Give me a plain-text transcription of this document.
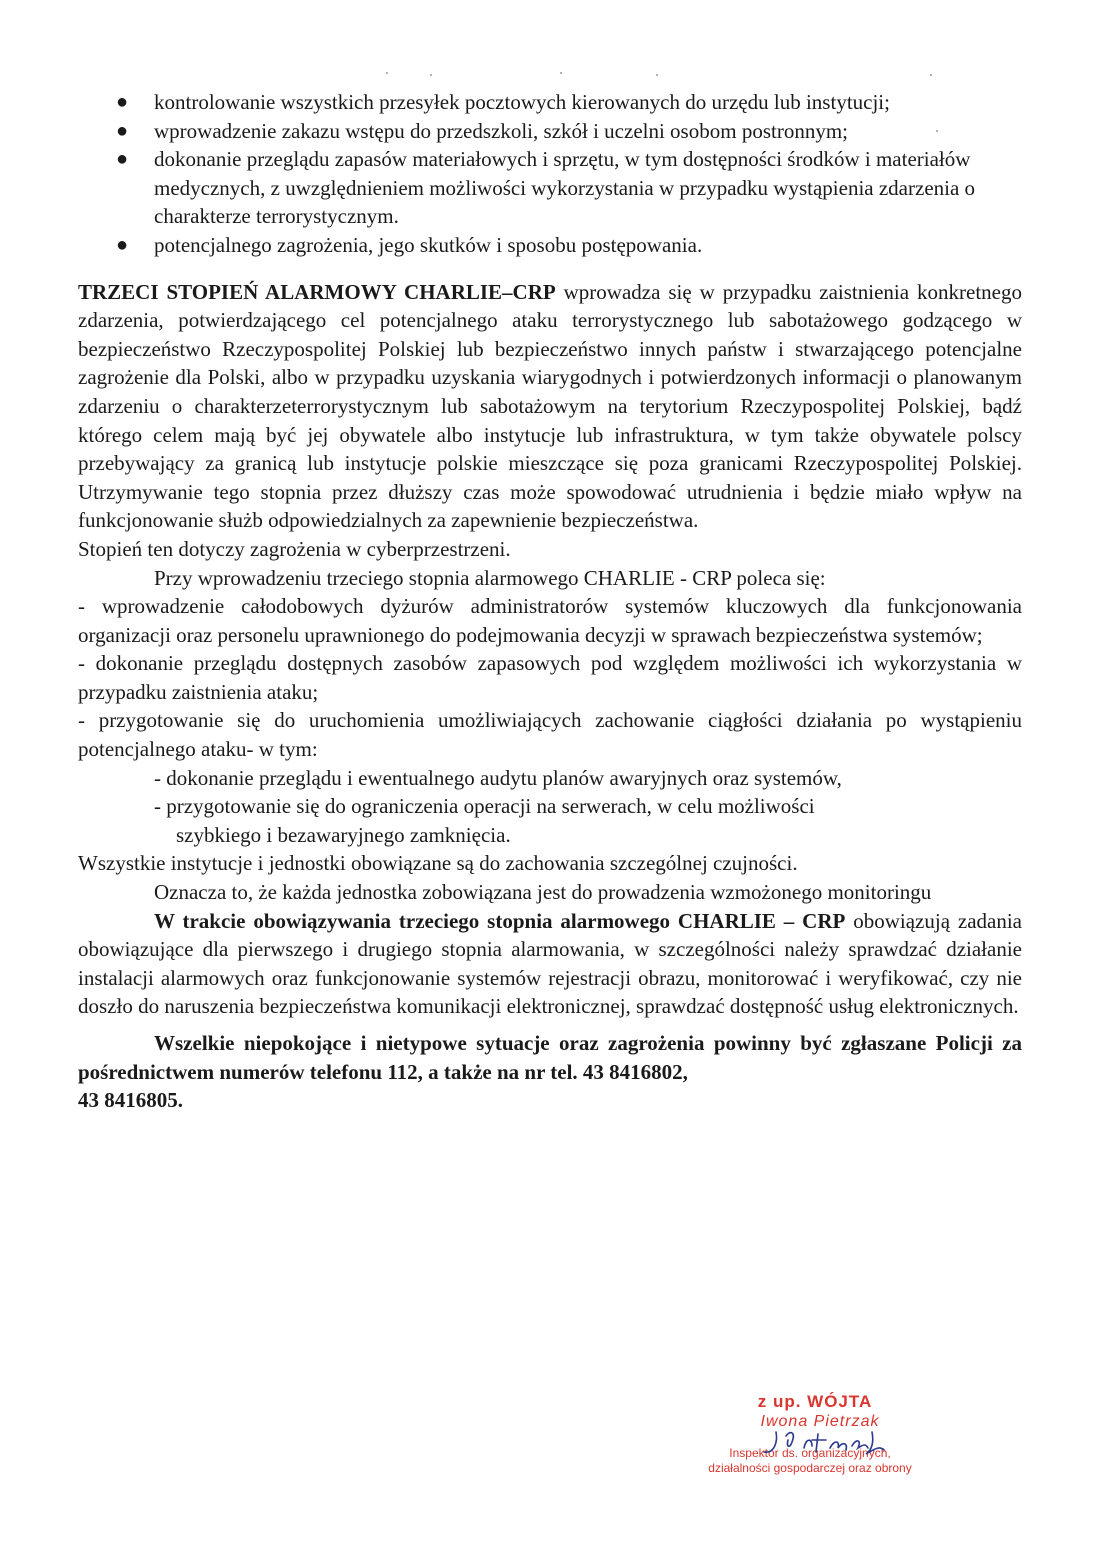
● kontrolowanie wszystkich przesyłek pocztowych kierowanych do urzędu lub instytucji;
● wprowadzenie zakazu wstępu do przedszkoli, szkół i uczelni osobom postronnym;
● dokonanie przeglądu zapasów materiałowych i sprzętu, w tym dostępności środków i materiałów medycznych, z uwzględnieniem możliwości wykorzystania w przypadku wystąpienia zdarzenia o charakterze terrorystycznym.
● potencjalnego zagrożenia, jego skutków i sposobu postępowania.

TRZECI STOPIEŃ ALARMOWY CHARLIE–CRP wprowadza się w przypadku zaistnienia konkretnego zdarzenia, potwierdzającego cel potencjalnego ataku terrorystycznego lub sabotażowego godzącego w bezpieczeństwo Rzeczypospolitej Polskiej lub bezpieczeństwo innych państw i stwarzającego potencjalne zagrożenie dla Polski, albo w przypadku uzyskania wiarygodnych i potwierdzonych informacji o planowanym zdarzeniu o charakterzeterrorystycznym lub sabotażowym na terytorium Rzeczypospolitej Polskiej, bądź którego celem mają być jej obywatele albo instytucje lub infrastruktura, w tym także obywatele polscy przebywający za granicą lub instytucje polskie mieszczące się poza granicami Rzeczypospolitej Polskiej. Utrzymywanie tego stopnia przez dłuższy czas może spowodować utrudnienia i będzie miało wpływ na funkcjonowanie służb odpowiedzialnych za zapewnienie bezpieczeństwa.

Stopień ten dotyczy zagrożenia w cyberprzestrzeni.

Przy wprowadzeniu trzeciego stopnia alarmowego CHARLIE - CRP poleca się:

- wprowadzenie całodobowych dyżurów administratorów systemów kluczowych dla funkcjonowania organizacji oraz personelu uprawnionego do podejmowania decyzji w sprawach bezpieczeństwa systemów;

- dokonanie przeglądu dostępnych zasobów zapasowych pod względem możliwości ich wykorzystania w przypadku zaistnienia ataku;

- przygotowanie się do uruchomienia umożliwiających zachowanie ciągłości działania po wystąpieniu potencjalnego ataku- w tym:

- dokonanie przeglądu i ewentualnego audytu planów awaryjnych oraz systemów,

- przygotowanie się do ograniczenia operacji na serwerach, w celu możliwości

szybkiego i bezawaryjnego zamknięcia.

Wszystkie instytucje i jednostki obowiązane są do zachowania szczególnej czujności.

Oznacza to, że każda jednostka zobowiązana jest do prowadzenia wzmożonego monitoringu

W trakcie obowiązywania trzeciego stopnia alarmowego CHARLIE – CRP obowiązują zadania obowiązujące dla pierwszego i drugiego stopnia alarmowania, w szczególności należy sprawdzać działanie instalacji alarmowych oraz funkcjonowanie systemów rejestracji obrazu, monitorować i weryfikować, czy nie doszło do naruszenia bezpieczeństwa komunikacji elektronicznej, sprawdzać dostępność usług elektronicznych.

Wszelkie niepokojące i nietypowe sytuacje oraz zagrożenia powinny być zgłaszane Policji za pośrednictwem numerów telefonu 112, a także na nr tel. 43 8416802,

43 8416805.

z up. WÓJTA
Iwona Pietrzak
Inspektor ds. organizacyjnych,
działalności gospodarczej oraz obrony
